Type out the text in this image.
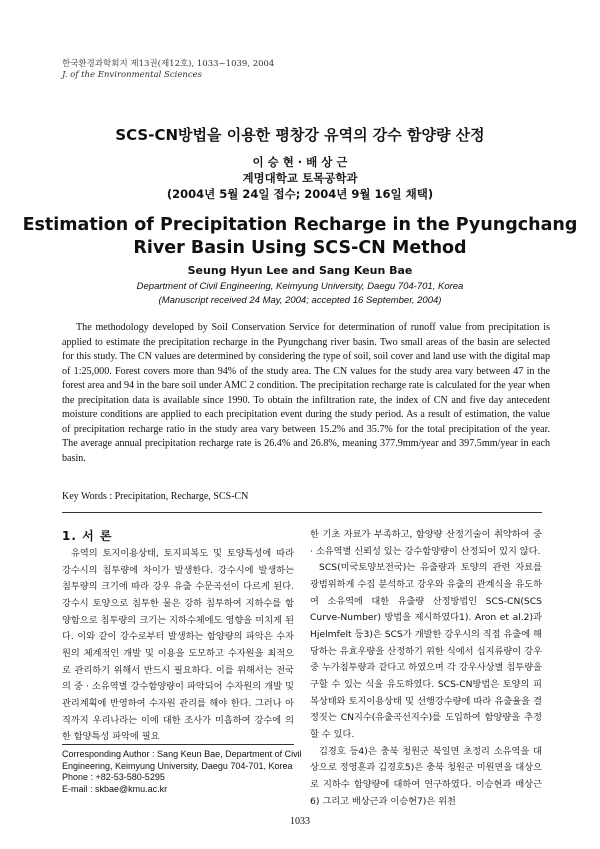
한국환경과학회지 제13권(제12호), 1033~1039, 2004
J. of the Environmental Sciences
SCS-CN방법을 이용한 평창강 유역의 강수 함양량 산정
이 승 현 · 배 상 근
계명대학교 토목공학과
(2004년 5월 24일 접수; 2004년 9월 16일 채택)
Estimation of Precipitation Recharge in the Pyungchang
River Basin Using SCS-CN Method
Seung Hyun Lee and Sang Keun Bae
Department of Civil Engineering, Keimyung University, Daegu 704-701, Korea
(Manuscript received 24 May, 2004; accepted 16 September, 2004)
The methodology developed by Soil Conservation Service for determination of runoff value from precipitation is applied to estimate the precipitation recharge in the Pyungchang river basin. Two small areas of the basin are selected for this study. The CN values are determined by considering the type of soil, soil cover and land use with the digital map of 1:25,000. Forest covers more than 94% of the study area. The CN values for the study area vary between 47 in the forest area and 94 in the bare soil under AMC 2 condition. The precipitation recharge rate is calculated for the year when the precipitation data is available since 1990. To obtain the infiltration rate, the index of CN and five day antecedent moisture conditions are applied to each precipitation event during the study period. As a result of estimation, the value of precipitation recharge ratio in the study area vary between 15.2% and 35.7% for the total precipitation of the year. The average annual precipitation recharge rate is 26.4% and 26.8%, meaning 377.9mm/year and 397.5mm/year in each basin.
Key Words : Precipitation, Recharge, SCS-CN
1. 서 론

유역의 토지이용상태, 토지피복도 및 토양특성에 따라 강수시의 침투량에 차이가 발생한다. 강수시에 발생하는 침투량의 크기에 따라 강우 유출 수문곡선이 다르게 된다. 강수시 토양으로 침투한 물은 강하 침투하여 지하수를 함양함으로 침투량의 크기는 지하수체에도 영향을 미치게 된다. 이와 같이 강수로부터 발생하는 함양량의 파악은 수자원의 체계적인 개발 및 이용을 도모하고 수자원을 최적으로 관리하기 위해서 반드시 필요하다. 이를 위해서는 전국의 중 · 소유역별 강수함양량이 파악되어 수자원의 개발 및 관리계획에 반영하여 수자원 관리를 해야 한다. 그러나 아직까지 우리나라는 이에 대한 조사가 미흡하여 강수에 의한 함양특성 파악에 필요

한 기초 자료가 부족하고, 함양량 산정기술이 취약하여 중 · 소유역별 신뢰성 있는 강수함양량이 산정되어 있지 않다.

SCS(미국토양보전국)는 유출량과 토양의 관련 자료를 광범위하게 수집 분석하고 강우와 유출의 관계식을 유도하여 소유역에 대한 유출량 산정방법인 SCS-CN(SCS Curve-Number) 방법을 제시하였다1). Aron et al.2)과 Hjelmfelt 등3)은 SCS가 개발한 강우시의 직접 유출에 해당하는 유효우량을 산정하기 위한 식에서 십지류량이 강우 중 누가침투량과 같다고 하였으며 각 강우사상별 침투량을 구할 수 있는 식을 유도하였다. SCS-CN방법은 토양의 피복상태와 토지이용상태 및 선행강수량에 따라 유출율을 결정짓는 CN지수(유출곡선지수)를 도입하여 함양량을 추정할 수 있다.

김경호 등4)은 충북 청원군 북일면 초정리 소유역을 대상으로 정영훈과 김경호5)은 충북 청원군 미원면을 대상으로 지하수 함양량에 대하여 연구하였다. 이승현과 배상근6) 그리고 배상근과 이승현7)은 위천

Corresponding Author : Sang Keun Bae, Department of Civil
Engineering, Keimyung University, Daegu 704-701, Korea
Phone : +82-53-580-5295
E-mail : skbae@kmu.ac.kr
1033
